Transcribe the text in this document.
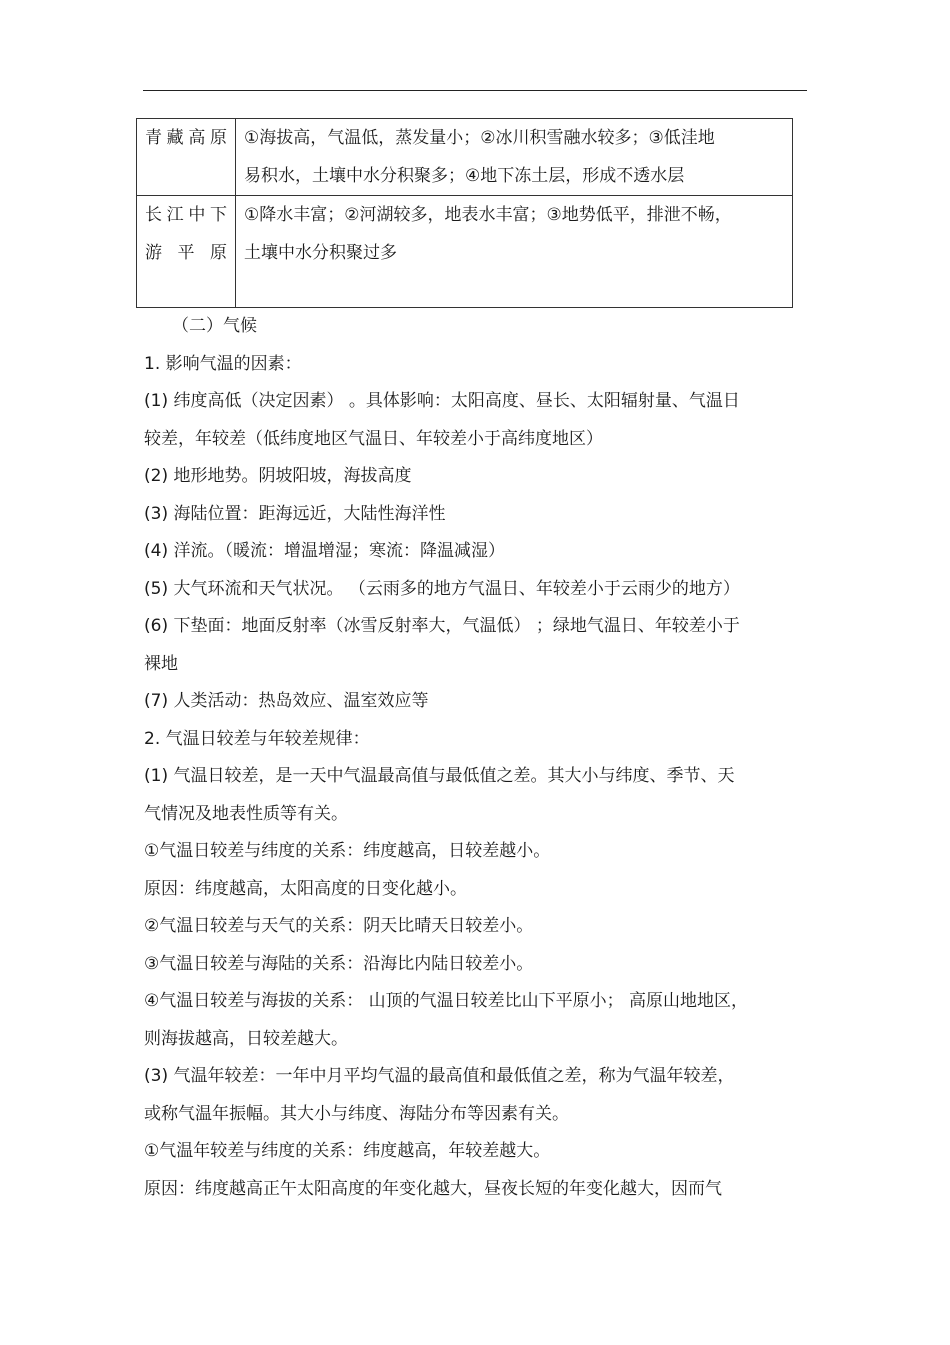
青藏高原	①海拔高，气温低，蒸发量小；②冰川积雪融水较多；③低洼地
易积水，土壤中水分积聚多；④地下冻土层，形成不透水层

长江中下游平原	①降水丰富；②河湖较多，地表水丰富；③地势低平，排泄不畅，
土壤中水分积聚过多
（二）气候
1. 影响气温的因素：
(1) 纬度高低（决定因素） 。具体影响：太阳高度、昼长、太阳辐射量、气温日
较差，年较差（低纬度地区气温日、年较差小于高纬度地区）
(2) 地形地势。阴坡阳坡，海拔高度
(3) 海陆位置：距海远近，大陆性海洋性
(4) 洋流。（暖流：增温增湿；寒流：降温减湿）
(5) 大气环流和天气状况。 （云雨多的地方气温日、年较差小于云雨少的地方）
(6) 下垫面：地面反射率（冰雪反射率大，气温低） ；绿地气温日、年较差小于
裸地
(7) 人类活动：热岛效应、温室效应等
2. 气温日较差与年较差规律：
(1) 气温日较差，是一天中气温最高值与最低值之差。其大小与纬度、季节、天
气情况及地表性质等有关。
①气温日较差与纬度的关系：纬度越高，日较差越小。
原因：纬度越高，太阳高度的日变化越小。
②气温日较差与天气的关系：阴天比晴天日较差小。
③气温日较差与海陆的关系：沿海比内陆日较差小。
④气温日较差与海拔的关系： 山顶的气温日较差比山下平原小； 高原山地地区，
则海拔越高，日较差越大。
(3) 气温年较差：一年中月平均气温的最高值和最低值之差，称为气温年较差，
或称气温年振幅。其大小与纬度、海陆分布等因素有关。
①气温年较差与纬度的关系：纬度越高，年较差越大。
原因：纬度越高正午太阳高度的年变化越大，昼夜长短的年变化越大，因而气
